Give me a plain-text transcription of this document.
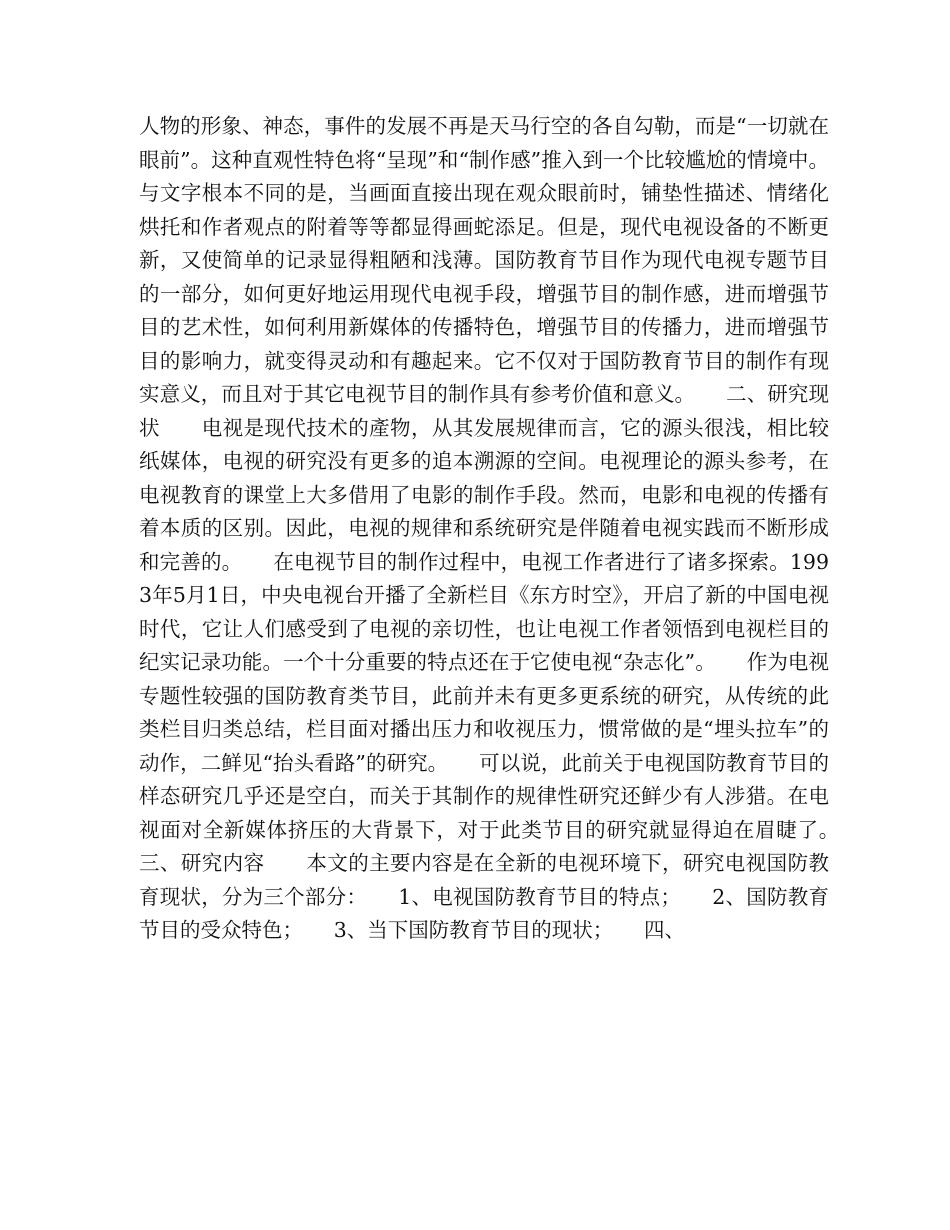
人物的形象、神态，事件的发展不再是天马行空的各自勾勒，而是“一切就在眼前”。这种直观性特色将“呈现”和“制作感”推入到一个比较尴尬的情境中。与文字根本不同的是，当画面直接出现在观众眼前时，铺垫性描述、情绪化烘托和作者观点的附着等等都显得画蛇添足。但是，现代电视设备的不断更新，又使简单的记录显得粗陋和浅薄。国防教育节目作为现代电视专题节目的一部分，如何更好地运用现代电视手段，增强节目的制作感，进而增强节目的艺术性，如何利用新媒体的传播特色，增强节目的传播力，进而增强节目的影响力，就变得灵动和有趣起来。它不仅对于国防教育节目的制作有现实意义，而且对于其它电视节目的制作具有参考价值和意义。　　二、研究现状　　电视是现代技术的產物，从其发展规律而言，它的源头很浅，相比较纸媒体，电视的研究没有更多的追本溯源的空间。电视理论的源头参考，在电视教育的课堂上大多借用了电影的制作手段。然而，电影和电视的传播有着本质的区别。因此，电视的规律和系统研究是伴随着电视实践而不断形成和完善的。　　在电视节目的制作过程中，电视工作者进行了诸多探索。1993年5月1日，中央电视台开播了全新栏目《东方时空》，开启了新的中国电视时代，它让人们感受到了电视的亲切性，也让电视工作者领悟到电视栏目的纪实记录功能。一个十分重要的特点还在于它使电视“杂志化”。　　作为电视专题性较强的国防教育类节目，此前并未有更多更系统的研究，从传统的此类栏目归类总结，栏目面对播出压力和收视压力，惯常做的是“埋头拉车”的动作，二鲜见“抬头看路”的研究。　　可以说，此前关于电视国防教育节目的样态研究几乎还是空白，而关于其制作的规律性研究还鲜少有人涉猎。在电视面对全新媒体挤压的大背景下，对于此类节目的研究就显得迫在眉睫了。　　三、研究内容　　本文的主要内容是在全新的电视环境下，研究电视国防教育现状，分为三个部分：　　1、电视国防教育节目的特点；　　2、国防教育节目的受众特色；　　3、当下国防教育节目的现状；　　四、
